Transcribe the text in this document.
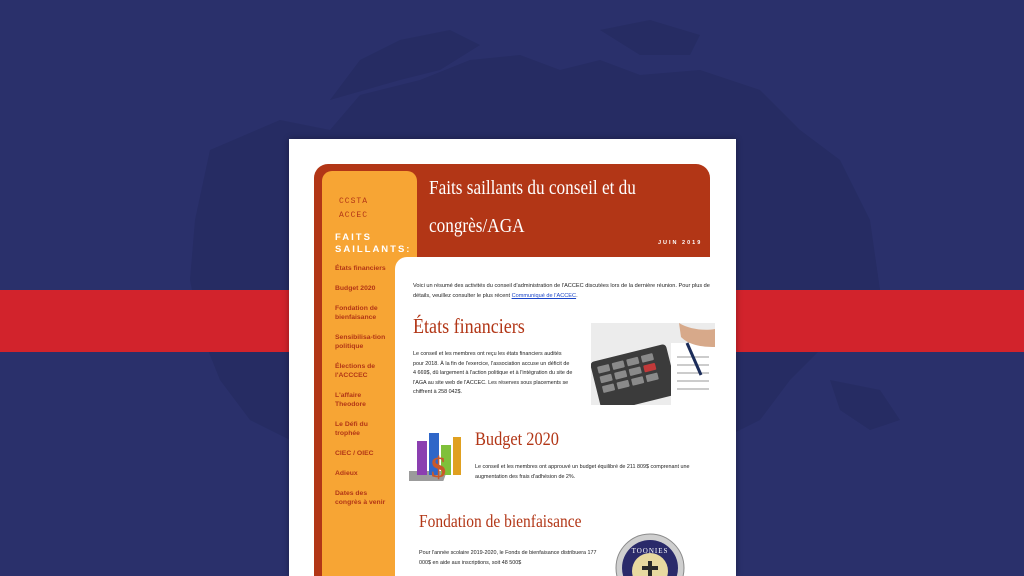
Faits saillants du conseil et du
congrès/AGA
JUIN 2019
CCSTA
ACCEC
FAITS
SAILLANTS:
États financiers
Budget 2020
Fondation de bienfaisance
Sensibilisa-tion politique
Élections de l'ACCCEC
L'affaire Theodore
Le Défi du trophée
CIEC / OIEC
Adieux
Dates des congrès à venir
Voici un résumé des activités du conseil d'administration de l'ACCEC discutées lors de la dernière réunion. Pour plus de détails, veuillez consulter le plus récent Communiqué de l'ACCEC.
États financiers
Le conseil et les membres ont reçu les états financiers audités pour 2018. À la fin de l'exercice, l'association accuse un déficit de 4 669$, dû largement à l'action politique et à l'intégration du site de l'AGA au site web de l'ACCEC. Les réserves sous placements se chiffrent à 258 042$.
$
Budget 2020
Le conseil et les membres ont approuvé un budget équilibré de 211 809$ comprenant une augmentation des frais d'adhésion de 2%.
Fondation de bienfaisance
Pour l'année scolaire 2019-2020, le Fonds de bienfaisance distribuera 177 000$ en aide aux inscriptions, soit 48 500$
TOONIES
